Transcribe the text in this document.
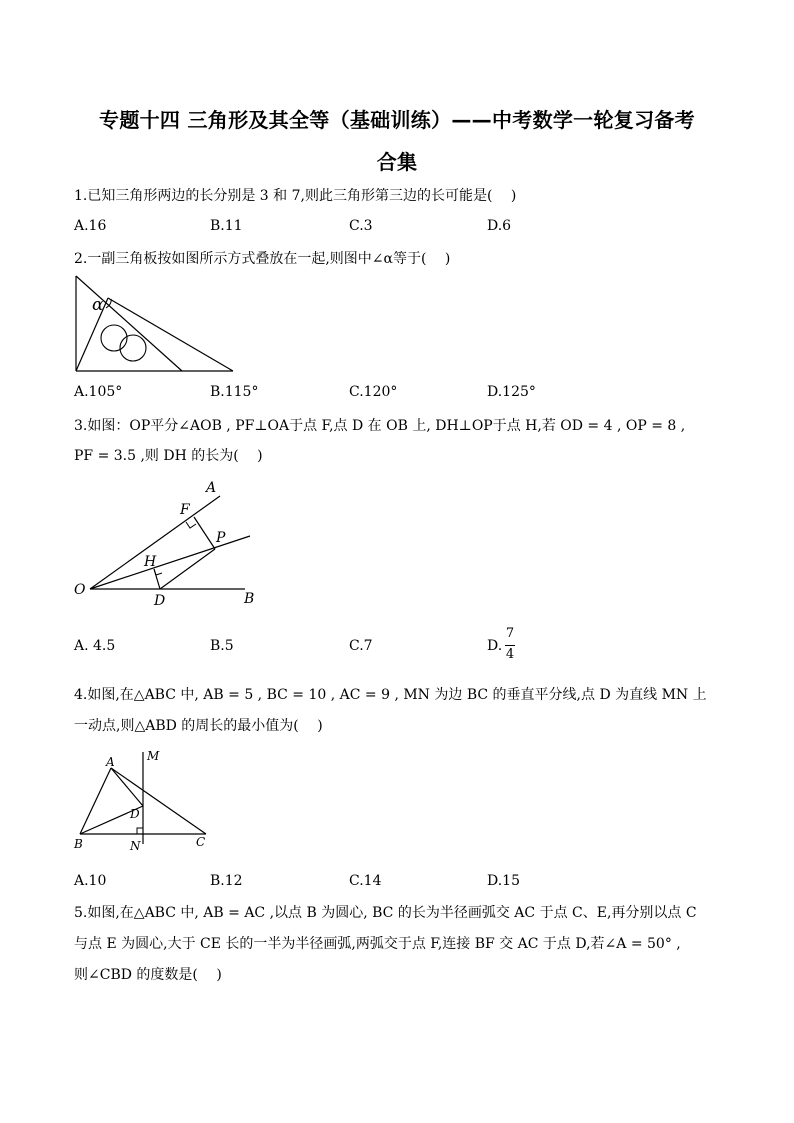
专题十四 三角形及其全等（基础训练）——中考数学一轮复习备考
合集
1.已知三角形两边的长分别是 3 和 7,则此三角形第三边的长可能是(　 )
A.16	B.11	C.3	D.6
2.一副三角板按如图所示方式叠放在一起,则图中∠α等于(　 )
α
A.105°	B.115°	C.120°	D.125°
3.如图：OP平分∠AOB , PF⊥OA于点 F,点 D 在 OB 上, DH⊥OP于点 H,若 OD = 4 , OP = 8 ,
PF = 3.5 ,则 DH 的长为(　 )
A
F
P
H
O
D	B
A. 4.5	B.5	C.7	D.
7
4
4.如图,在△ABC 中, AB = 5 , BC = 10 , AC = 9 , MN 为边 BC 的垂直平分线,点 D 为直线 MN 上
一动点,则△ABD 的周长的最小值为(　 )
A	M
D
B	N	C
A.10	B.12	C.14	D.15
5.如图,在△ABC 中, AB = AC ,以点 B 为圆心, BC 的长为半径画弧交 AC 于点 C、E,再分别以点 C
与点 E 为圆心,大于 CE 长的一半为半径画弧,两弧交于点 F,连接 BF 交 AC 于点 D,若∠A = 50° ,
则∠CBD 的度数是(　 )
